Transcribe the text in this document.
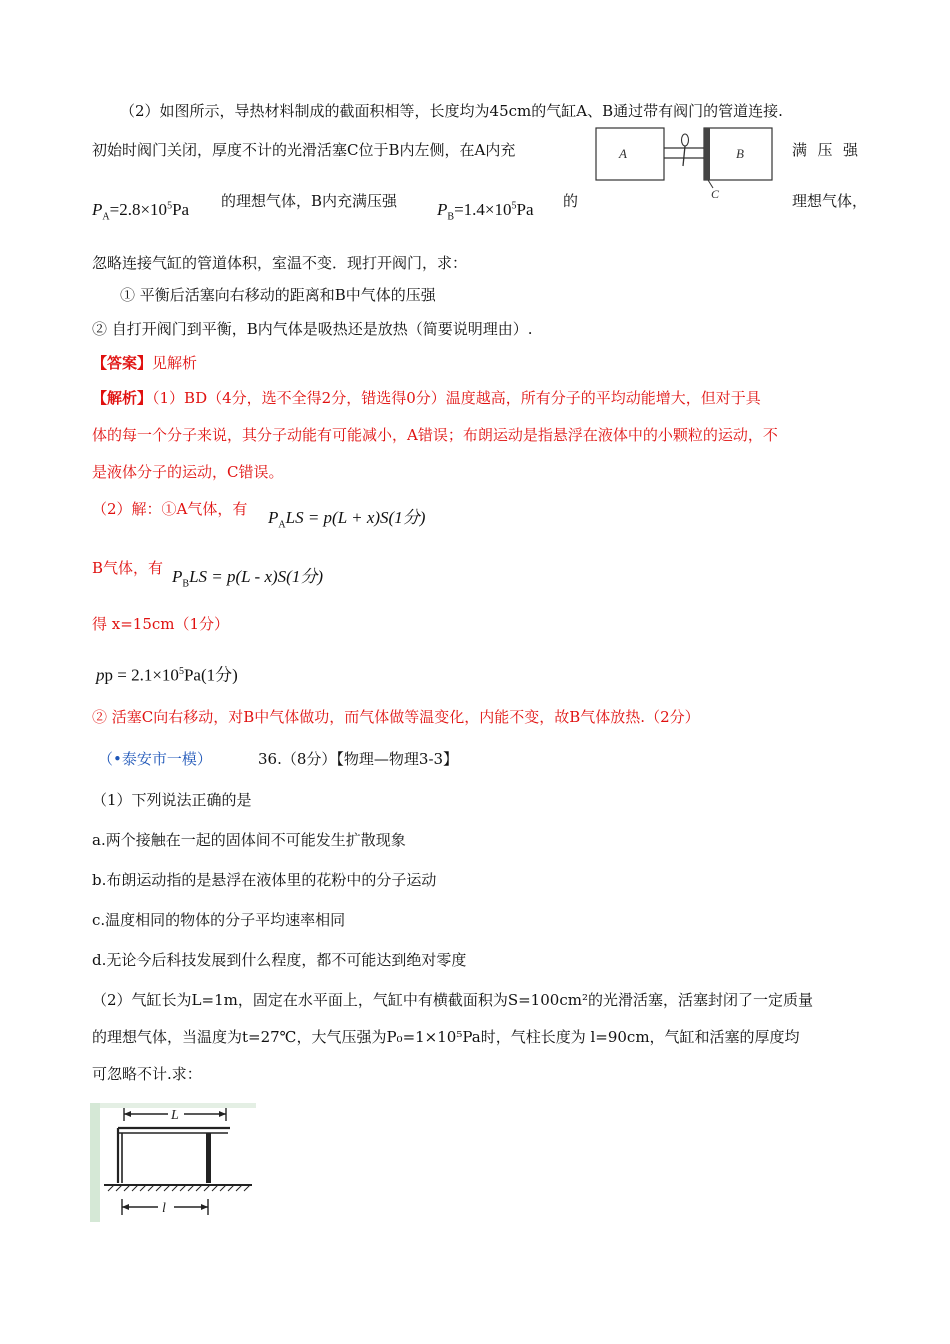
（2）如图所示，导热材料制成的截面积相等，长度均为45cm的气缸A、B通过带有阀门的管道连接.
初始时阀门关闭，厚度不计的光滑活塞C位于B内左侧，在A内充	满 压 强
A	B
C
$P_A=2.8\times 10^5Pa$ 的理想气体，B内充满压强 $P_B=1.4\times 10^5Pa$ 的	理想气体，
忽略连接气缸的管道体积，室温不变．现打开阀门，求：
① 平衡后活塞向右移动的距离和B中气体的压强
② 自打开阀门到平衡，B内气体是吸热还是放热（简要说明理由）.
【答案】见解析
【解析】（1）BD（4分，选不全得2分，错选得0分）温度越高，所有分子的平均动能增大，但对于具
体的每一个分子来说，其分子动能有可能减小，A错误；布朗运动是指悬浮在液体中的小颗粒的运动，不
是液体分子的运动，C错误。
（2）解：①A气体，有 $P_ALS = p(L + x)S(1$分)
B气体，有 $P_BLS = p(L - x)S(1$分)
得 x=15cm（1分）
pp = $2.1\times 10^5Pa(1$分)
② 活塞C向右移动，对B中气体做功，而气体做等温变化，内能不变，故B气体放热.（2分）
（•泰安市一模）	36.（8分）【物理—物理3-3】
（1）下列说法正确的是
a.两个接触在一起的固体间不可能发生扩散现象
b.布朗运动指的是悬浮在液体里的花粉中的分子运动
c.温度相同的物体的分子平均速率相同
d.无论今后科技发展到什么程度，都不可能达到绝对零度
（2）气缸长为L=1m，固定在水平面上，气缸中有横截面积为S=100cm²的光滑活塞，活塞封闭了一定质量
的理想气体，当温度为t=27℃，大气压强为P₀=1×10⁵Pa时，气柱长度为 l=90cm，气缸和活塞的厚度均
可忽略不计.求：
L
l
